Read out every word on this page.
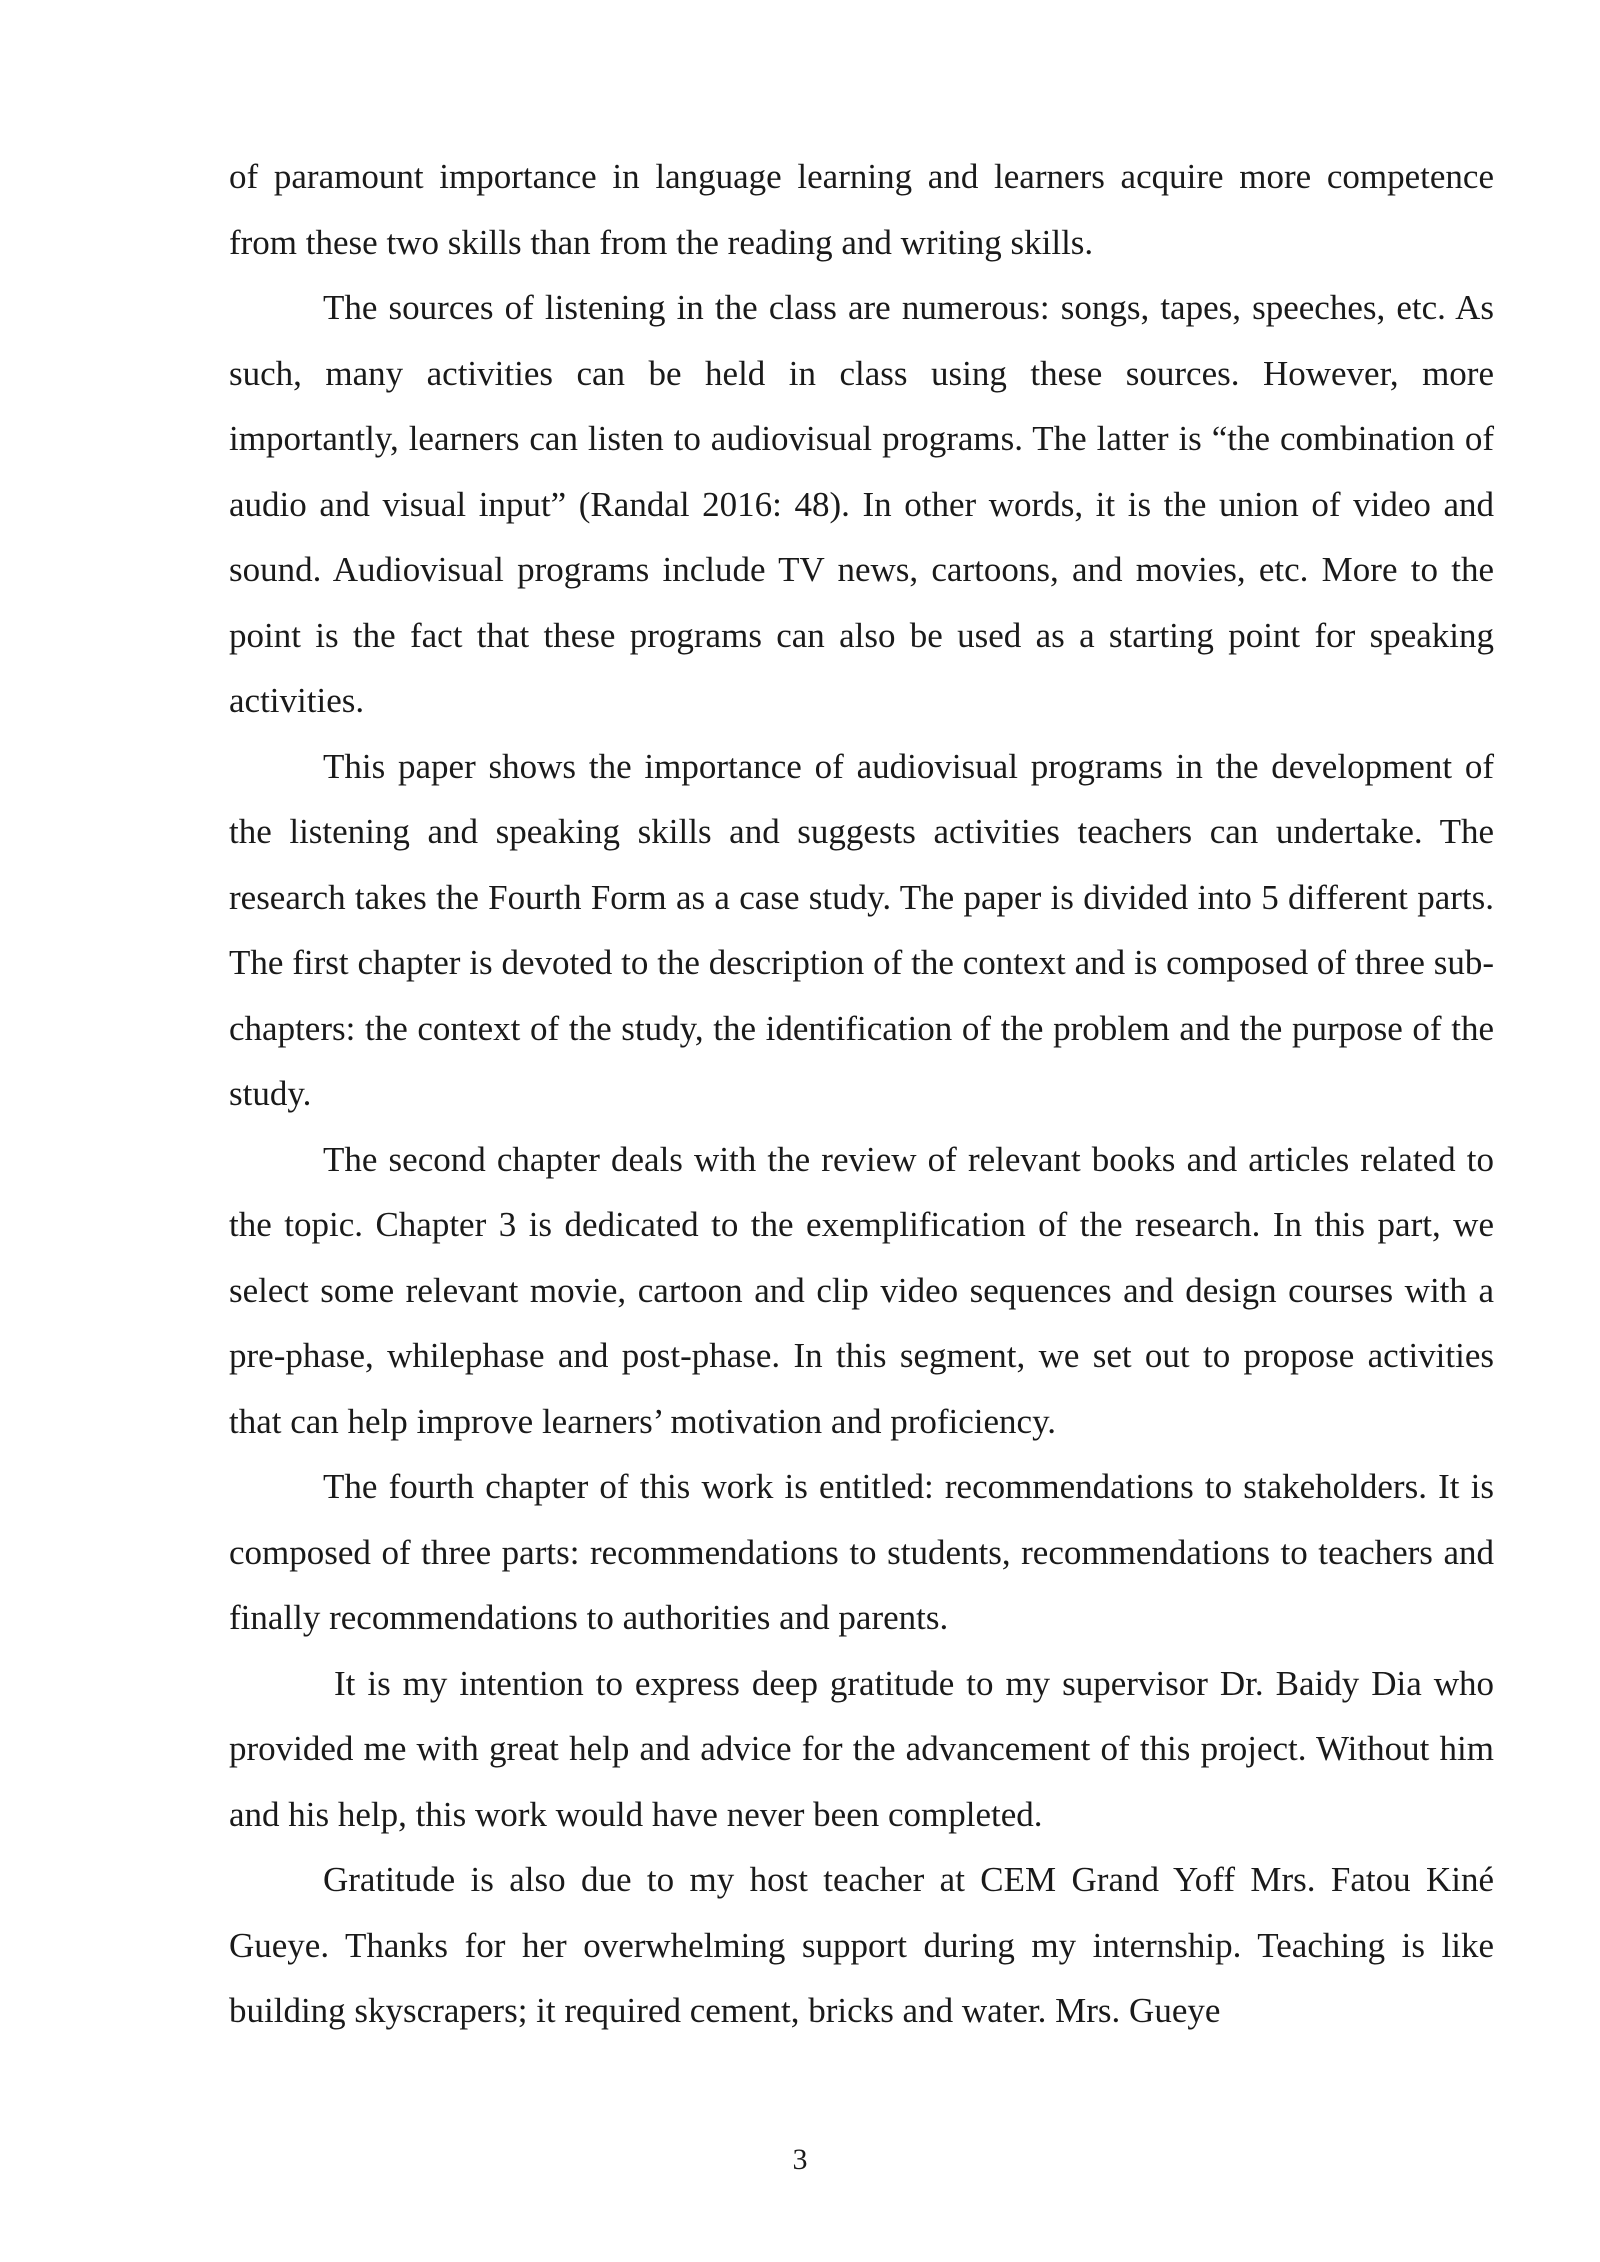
of paramount importance in language learning and learners acquire more competence from these two skills than from the reading and writing skills.

The sources of listening in the class are numerous: songs, tapes, speeches, etc. As such, many activities can be held in class using these sources. However, more importantly, learners can listen to audiovisual programs. The latter is “the combination of audio and visual input” (Randal 2016: 48). In other words, it is the union of video and sound. Audiovisual programs include TV news, cartoons, and movies, etc. More to the point is the fact that these programs can also be used as a starting point for speaking activities.

This paper shows the importance of audiovisual programs in the development of the listening and speaking skills and suggests activities teachers can undertake. The research takes the Fourth Form as a case study. The paper is divided into 5 different parts. The first chapter is devoted to the description of the context and is composed of three sub-chapters: the context of the study, the identification of the problem and the purpose of the study.

The second chapter deals with the review of relevant books and articles related to the topic. Chapter 3 is dedicated to the exemplification of the research. In this part, we select some relevant movie, cartoon and clip video sequences and design courses with a pre-phase, whilephase and post-phase. In this segment, we set out to propose activities that can help improve learners’ motivation and proficiency.

The fourth chapter of this work is entitled: recommendations to stakeholders. It is composed of three parts: recommendations to students, recommendations to teachers and finally recommendations to authorities and parents.

It is my intention to express deep gratitude to my supervisor Dr. Baidy Dia who provided me with great help and advice for the advancement of this project. Without him and his help, this work would have never been completed.

Gratitude is also due to my host teacher at CEM Grand Yoff Mrs. Fatou Kiné Gueye. Thanks for her overwhelming support during my internship. Teaching is like building skyscrapers; it required cement, bricks and water. Mrs. Gueye

3
